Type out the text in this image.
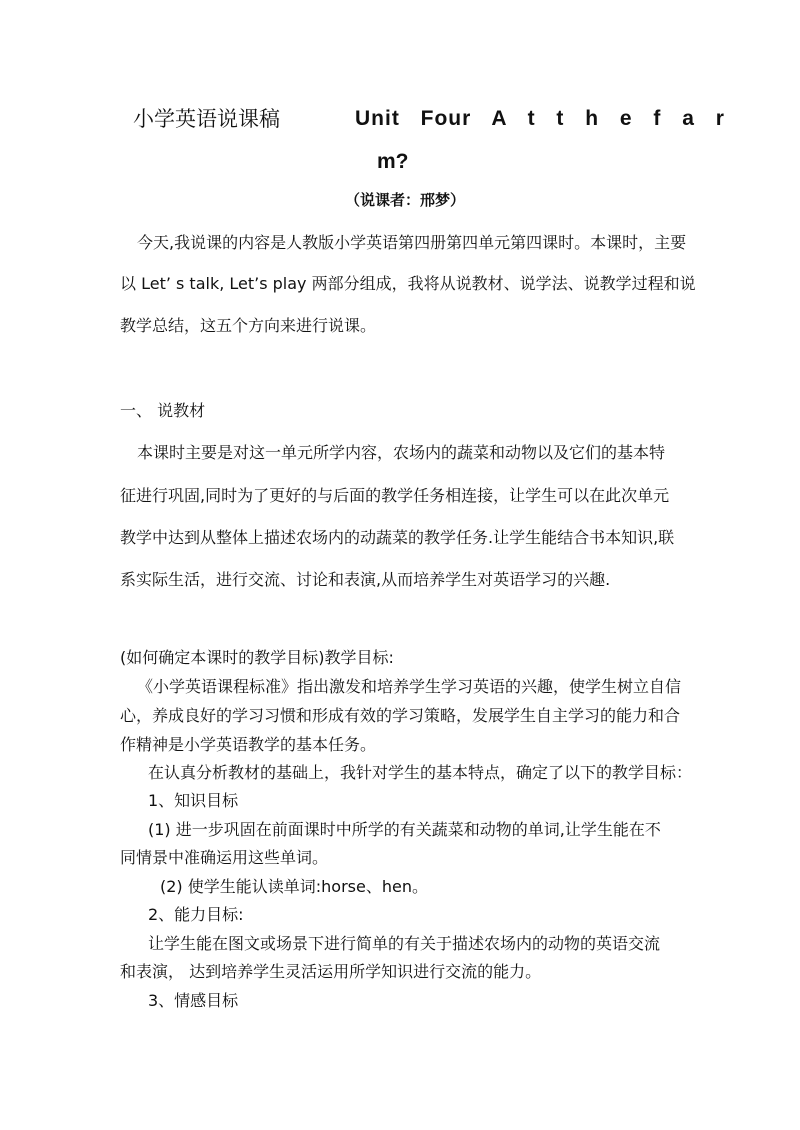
小学英语说课稿	Unit Four A t t h e f a r
m?
（说课者：邢梦）
今天,我说课的内容是人教版小学英语第四册第四单元第四课时。本课时，主要
以 Let’ s talk, Let’s play 两部分组成，我将从说教材、说学法、说教学过程和说
教学总结，这五个方向来进行说课。
一、 说教材
本课时主要是对这一单元所学内容，农场内的蔬菜和动物以及它们的基本特
征进行巩固,同时为了更好的与后面的教学任务相连接，让学生可以在此次单元
教学中达到从整体上描述农场内的动蔬菜的教学任务.让学生能结合书本知识,联
系实际生活，进行交流、讨论和表演,从而培养学生对英语学习的兴趣.
(如何确定本课时的教学目标)教学目标:
《小学英语课程标准》指出激发和培养学生学习英语的兴趣，使学生树立自信
心，养成良好的学习习惯和形成有效的学习策略，发展学生自主学习的能力和合
作精神是小学英语教学的基本任务。
在认真分析教材的基础上，我针对学生的基本特点，确定了以下的教学目标：
1、知识目标
(1) 进一步巩固在前面课时中所学的有关蔬菜和动物的单词,让学生能在不
同情景中准确运用这些单词。
(2) 使学生能认读单词:horse、hen。
2、能力目标:
让学生能在图文或场景下进行简单的有关于描述农场内的动物的英语交流
和表演， 达到培养学生灵活运用所学知识进行交流的能力。
3、情感目标
